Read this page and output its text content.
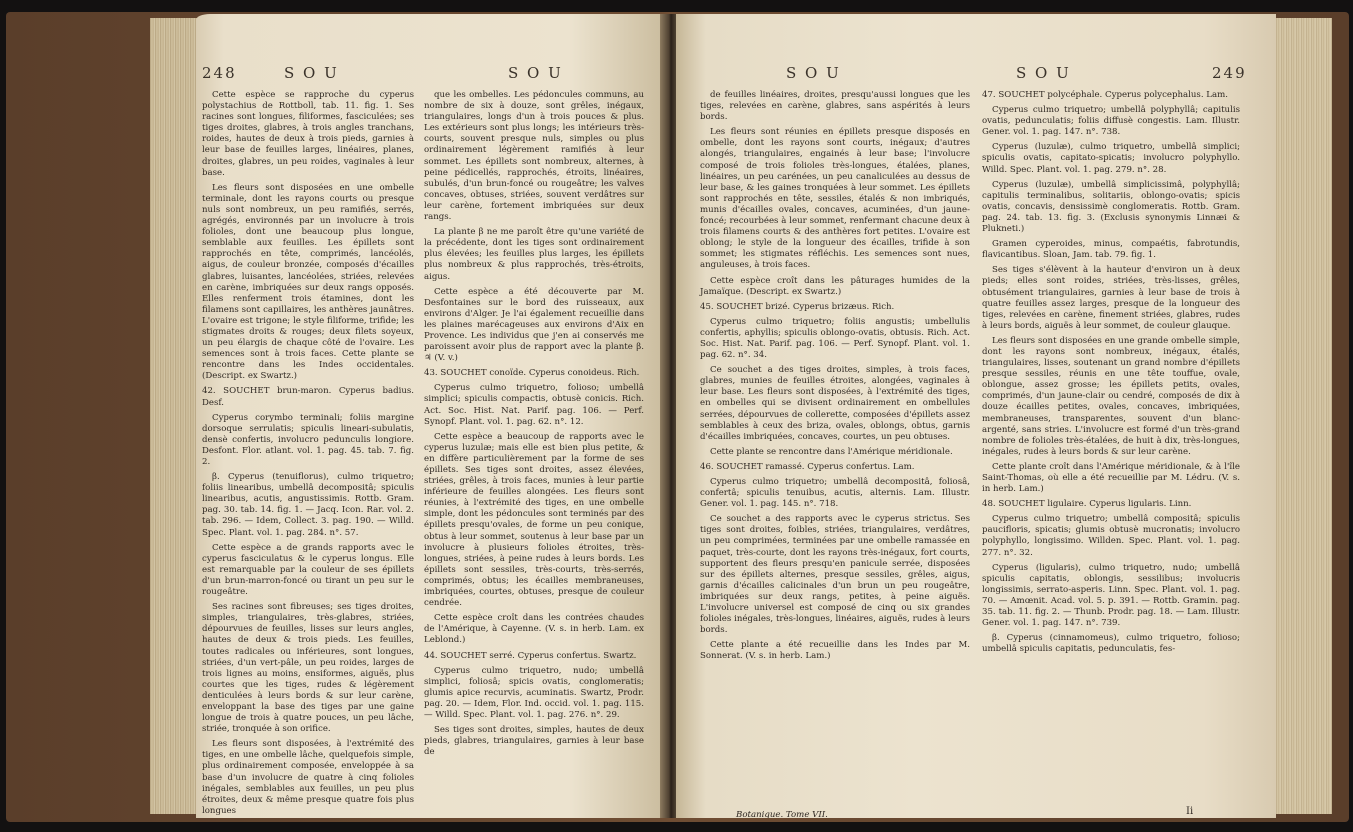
248	S O U	S O U

Cette espèce se rapproche du cyperus polystachius de Rottboll, tab. 11. fig. 1. Ses racines sont longues, filiformes, fasciculées; ses tiges droites, glabres, à trois angles tranchans, roides, hautes de deux à trois pieds, garnies à leur base de feuilles larges, linéaires, planes, droites, glabres, un peu roides, vaginales à leur base.

Les fleurs sont disposées en une ombelle terminale, dont les rayons courts ou presque nuls sont nombreux, un peu ramifiés, serrés, agrégés, environnés par un involucre à trois folioles, dont une beaucoup plus longue, semblable aux feuilles. Les épillets sont rapprochés en tête, comprimés, lancéolés, aigus, de couleur bronzée, composés d'écailles glabres, luisantes, lancéolées, striées, relevées en carène, imbriquées sur deux rangs opposés. Elles renferment trois étamines, dont les filamens sont capillaires, les anthères jaunâtres. L'ovaire est trigone; le style filiforme, trifide; les stigmates droits & rouges; deux filets soyeux, un peu élargis de chaque côté de l'ovaire. Les semences sont à trois faces. Cette plante se rencontre dans les Indes occidentales. (Descript. ex Swartz.)

42. SOUCHET brun-maron. Cyperus badius. Desf.

Cyperus corymbo terminali; foliis margine dorsoque serrulatis; spiculis lineari-subulatis, densè confertis, involucro pedunculis longiore. Desfont. Flor. atlant. vol. 1. pag. 45. tab. 7. fig. 2.

β. Cyperus (tenuiflorus), culmo triquetro; foliis linearibus, umbellâ decompositâ; spiculis linearibus, acutis, angustissimis. Rottb. Gram. pag. 30. tab. 14. fig. 1. — Jacq. Icon. Rar. vol. 2. tab. 296. — Idem, Collect. 3. pag. 190. — Willd. Spec. Plant. vol. 1. pag. 284. n°. 57.

Cette espèce a de grands rapports avec le cyperus fasciculatus & le cyperus longus. Elle est remarquable par la couleur de ses épillets d'un brun-marron-foncé ou tirant un peu sur le rougeâtre.

Ses racines sont fibreuses; ses tiges droites, simples, triangulaires, très-glabres, striées, dépourvues de feuilles, lisses sur leurs angles, hautes de deux & trois pieds. Les feuilles, toutes radicales ou inférieures, sont longues, striées, d'un vert-pâle, un peu roides, larges de trois lignes au moins, ensiformes, aiguës, plus courtes que les tiges, rudes & légèrement denticulées à leurs bords & sur leur carène, enveloppant la base des tiges par une gaine longue de trois à quatre pouces, un peu lâche, striée, tronquée à son orifice.

Les fleurs sont disposées, à l'extrémité des tiges, en une ombelle lâche, quelquefois simple, plus ordinairement composée, enveloppée à sa base d'un involucre de quatre à cinq folioles inégales, semblables aux feuilles, un peu plus étroites, deux & même presque quatre fois plus longues

que les ombelles. Les pédoncules communs, au nombre de six à douze, sont grêles, inégaux, triangulaires, longs d'un à trois pouces & plus. Les extérieurs sont plus longs; les intérieurs très-courts, souvent presque nuls, simples ou plus ordinairement légèrement ramifiés à leur sommet. Les épillets sont nombreux, alternes, à peine pédicellés, rapprochés, étroits, linéaires, subulés, d'un brun-foncé ou rougeâtre; les valves concaves, obtuses, striées, souvent verdâtres sur leur carène, fortement imbriquées sur deux rangs.

La plante β ne me paroît être qu'une variété de la précédente, dont les tiges sont ordinairement plus élevées; les feuilles plus larges, les épillets plus nombreux & plus rapprochés, très-étroits, aigus.

Cette espèce a été découverte par M. Desfontaines sur le bord des ruisseaux, aux environs d'Alger. Je l'ai également recueillie dans les plaines marécageuses aux environs d'Aix en Provence. Les individus que j'en ai conservés me paroissent avoir plus de rapport avec la plante β. ♃ (V. v.)

43. SOUCHET conoïde. Cyperus conoideus. Rich.

Cyperus culmo triquetro, folioso; umbellâ simplici; spiculis compactis, obtusè conicis. Rich. Act. Soc. Hist. Nat. Parif. pag. 106. — Perf. Synopf. Plant. vol. 1. pag. 62. n°. 12.

Cette espèce a beaucoup de rapports avec le cyperus luzulæ; mais elle est bien plus petite, & en diffère particulièrement par la forme de ses épillets. Ses tiges sont droites, assez élevées, striées, grêles, à trois faces, munies à leur partie inférieure de feuilles alongées. Les fleurs sont réunies, à l'extrémité des tiges, en une ombelle simple, dont les pédoncules sont terminés par des épillets presqu'ovales, de forme un peu conique, obtus à leur sommet, soutenus à leur base par un involucre à plusieurs folioles étroites, très-longues, striées, à peine rudes à leurs bords. Les épillets sont sessiles, très-courts, très-serrés, comprimés, obtus; les écailles membraneuses, imbriquées, courtes, obtuses, presque de couleur cendrée.

Cette espèce croît dans les contrées chaudes de l'Amérique, à Cayenne. (V. s. in herb. Lam. ex Leblond.)

44. SOUCHET serré. Cyperus confertus. Swartz.

Cyperus culmo triquetro, nudo; umbellâ simplici, foliosâ; spicis ovatis, conglomeratis; glumis apice recurvis, acuminatis. Swartz, Prodr. pag. 20. — Idem, Flor. Ind. occid. vol. 1. pag. 115. — Willd. Spec. Plant. vol. 1. pag. 276. n°. 29.

Ses tiges sont droites, simples, hautes de deux pieds, glabres, triangulaires, garnies à leur base de

S O U	S O U	249

de feuilles linéaires, droites, presqu'aussi longues que les tiges, relevées en carène, glabres, sans aspérités à leurs bords.

Les fleurs sont réunies en épillets presque disposés en ombelle, dont les rayons sont courts, inégaux; d'autres alongés, triangulaires, engainés à leur base; l'involucre composé de trois folioles très-longues, étalées, planes, linéaires, un peu carénées, un peu canaliculées au dessus de leur base, & les gaines tronquées à leur sommet. Les épillets sont rapprochés en tête, sessiles, étalés & non imbriqués, munis d'écailles ovales, concaves, acuminées, d'un jaune-foncé; recourbées à leur sommet, renfermant chacune deux à trois filamens courts & des anthères fort petites. L'ovaire est oblong; le style de la longueur des écailles, trifide à son sommet; les stigmates réfléchis. Les semences sont nues, anguleuses, à trois faces.

Cette espèce croît dans les pâturages humides de la Jamaïque. (Descript. ex Swartz.)

45. SOUCHET brizé. Cyperus brizæus. Rich.

Cyperus culmo triquetro; foliis angustis; umbellulis confertis, aphyllis; spiculis oblongo-ovatis, obtusis. Rich. Act. Soc. Hist. Nat. Parif. pag. 106. — Perf. Synopf. Plant. vol. 1. pag. 62. n°. 34.

Ce souchet a des tiges droites, simples, à trois faces, glabres, munies de feuilles étroites, alongées, vaginales à leur base. Les fleurs sont disposées, à l'extrémité des tiges, en ombelles qui se divisent ordinairement en ombellules serrées, dépourvues de collerette, composées d'épillets assez semblables à ceux des briza, ovales, oblongs, obtus, garnis d'écailles imbriquées, concaves, courtes, un peu obtuses.

Cette plante se rencontre dans l'Amérique méridionale.

46. SOUCHET ramassé. Cyperus confertus. Lam.

Cyperus culmo triquetro; umbellâ decompositâ, foliosâ, confertâ; spiculis tenuibus, acutis, alternis. Lam. Illustr. Gener. vol. 1. pag. 145. n°. 718.

Ce souchet a des rapports avec le cyperus strictus. Ses tiges sont droites, foibles, striées, triangulaires, verdâtres, un peu comprimées, terminées par une ombelle ramassée en paquet, très-courte, dont les rayons très-inégaux, fort courts, supportent des fleurs presqu'en panicule serrée, disposées sur des épillets alternes, presque sessiles, grêles, aigus, garnis d'écailles calicinales d'un brun un peu rougeâtre, imbriquées sur deux rangs, petites, à peine aiguës. L'involucre universel est composé de cinq ou six grandes folioles inégales, très-longues, linéaires, aiguës, rudes à leurs bords.

Cette plante a été recueillie dans les Indes par M. Sonnerat. (V. s. in herb. Lam.)

47. SOUCHET polycéphale. Cyperus polycephalus. Lam.

Cyperus culmo triquetro; umbellâ polyphyllâ; capitulis ovatis, pedunculatis; foliis diffusè congestis. Lam. Illustr. Gener. vol. 1. pag. 147. n°. 738.

Cyperus (luzulæ), culmo triquetro, umbellâ simplici; spiculis ovatis, capitato-spicatis; involucro polyphyllo. Willd. Spec. Plant. vol. 1. pag. 279. n°. 28.

Cyperus (luzulæ), umbellâ simplicissimâ, polyphyllâ; capitulis terminalibus, solitariis, oblongo-ovatis; spicis ovatis, concavis, densissimè conglomeratis. Rottb. Gram. pag. 24. tab. 13. fig. 3. (Exclusis synonymis Linnæi & Plukneti.)

Gramen cyperoides, minus, compaétis, fabrotundis, flavicantibus. Sloan, Jam. tab. 79. fig. 1.

Ses tiges s'élèvent à la hauteur d'environ un à deux pieds; elles sont roides, striées, très-lisses, grêles, obtusément triangulaires, garnies à leur base de trois à quatre feuilles assez larges, presque de la longueur des tiges, relevées en carène, finement striées, glabres, rudes à leurs bords, aiguës à leur sommet, de couleur glauque.

Les fleurs sont disposées en une grande ombelle simple, dont les rayons sont nombreux, inégaux, étalés, triangulaires, lisses, soutenant un grand nombre d'épillets presque sessiles, réunis en une tête touffue, ovale, oblongue, assez grosse; les épillets petits, ovales, comprimés, d'un jaune-clair ou cendré, composés de dix à douze écailles petites, ovales, concaves, imbriquées, membraneuses, transparentes, souvent d'un blanc-argenté, sans stries. L'involucre est formé d'un très-grand nombre de folioles très-étalées, de huit à dix, très-longues, inégales, rudes à leurs bords & sur leur carène.

Cette plante croît dans l'Amérique méridionale, & à l'île Saint-Thomas, où elle a été recueillie par M. Lédru. (V. s. in herb. Lam.)

48. SOUCHET ligulaire. Cyperus ligularis. Linn.

Cyperus culmo triquetro; umbellâ compositâ; spiculis paucifloris, spicatis; glumis obtusè mucronatis; involucro polyphyllo, longissimo. Willden. Spec. Plant. vol. 1. pag. 277. n°. 32.

Cyperus (ligularis), culmo triquetro, nudo; umbellâ spiculis capitatis, oblongis, sessilibus; involucris longissimis, serrato-asperis. Linn. Spec. Plant. vol. 1. pag. 70. — Amœnit. Acad. vol. 5. p. 391. — Rottb. Gramin. pag. 35. tab. 11. fig. 2. — Thunb. Prodr. pag. 18. — Lam. Illustr. Gener. vol. 1. pag. 147. n°. 739.

β. Cyperus (cinnamomeus), culmo triquetro, folioso; umbellâ spiculis capitatis, pedunculatis, fes-

Botanique. Tome VII.	Ii
